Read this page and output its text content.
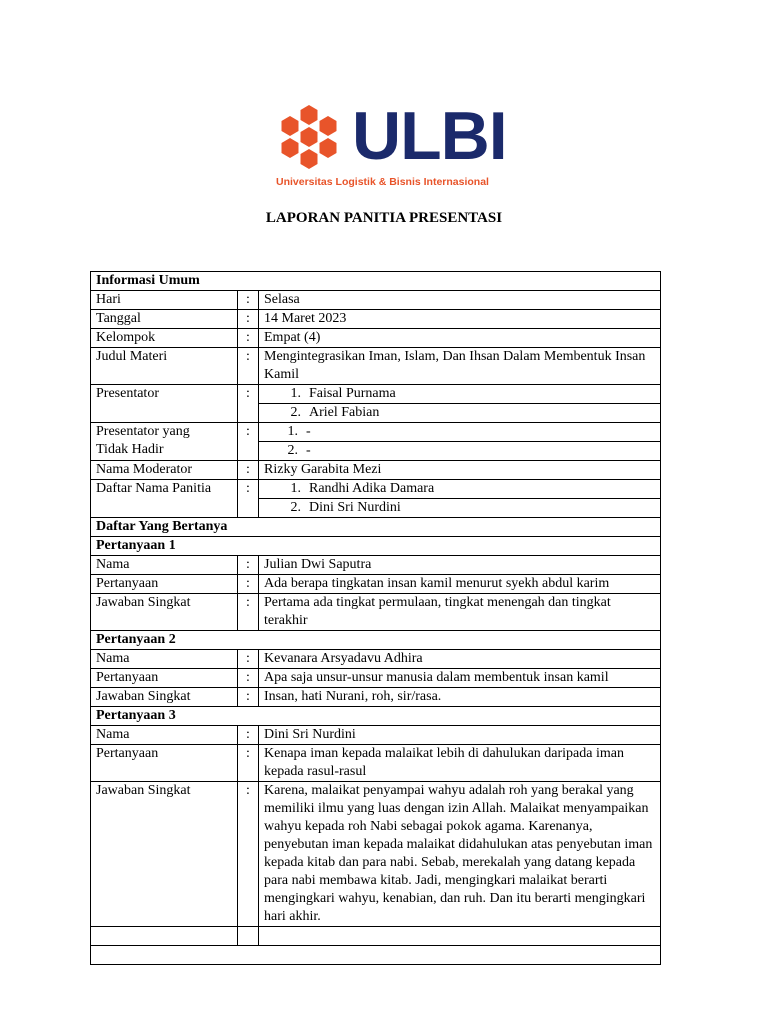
ULBI
Universitas Logistik & Bisnis Internasional
LAPORAN PANITIA PRESENTASI
Informasi Umum		
Hari	:	Selasa
Tanggal	:	14 Maret 2023
Kelompok	:	Empat (4)
Judul Materi	:	Mengintegrasikan Iman, Islam, Dan Ihsan Dalam Membentuk Insan Kamil
Presentator	:	1. Faisal Purnama
		2. Ariel Fabian
Presentator yang
Tidak Hadir	:	1. -
		2. -
Nama Moderator	:	Rizky Garabita Mezi
Daftar Nama Panitia	:	1. Randhi Adika Damara
		2. Dini Sri Nurdini
Daftar Yang Bertanya		
Pertanyaan 1		
Nama	:	Julian Dwi Saputra
Pertanyaan	:	Ada berapa tingkatan insan kamil menurut syekh abdul karim
Jawaban Singkat	:	Pertama ada tingkat permulaan, tingkat menengah dan tingkat terakhir
Pertanyaan 2		
Nama	:	Kevanara Arsyadavu Adhira
Pertanyaan	:	Apa saja unsur-unsur manusia dalam membentuk insan kamil
Jawaban Singkat	:	Insan, hati Nurani, roh, sir/rasa.
Pertanyaan 3		
Nama	:	Dini Sri Nurdini
Pertanyaan	:	Kenapa iman kepada malaikat lebih di dahulukan daripada iman kepada rasul-rasul
Jawaban Singkat	:	Karena, malaikat penyampai wahyu adalah roh yang berakal yang memiliki ilmu yang luas dengan izin Allah. Malaikat menyampaikan wahyu kepada roh Nabi sebagai pokok agama. Karenanya, penyebutan iman kepada malaikat didahulukan atas penyebutan iman kepada kitab dan para nabi. Sebab, merekalah yang datang kepada para nabi membawa kitab. Jadi, mengingkari malaikat berarti mengingkari wahyu, kenabian, dan ruh. Dan itu berarti mengingkari hari akhir.
